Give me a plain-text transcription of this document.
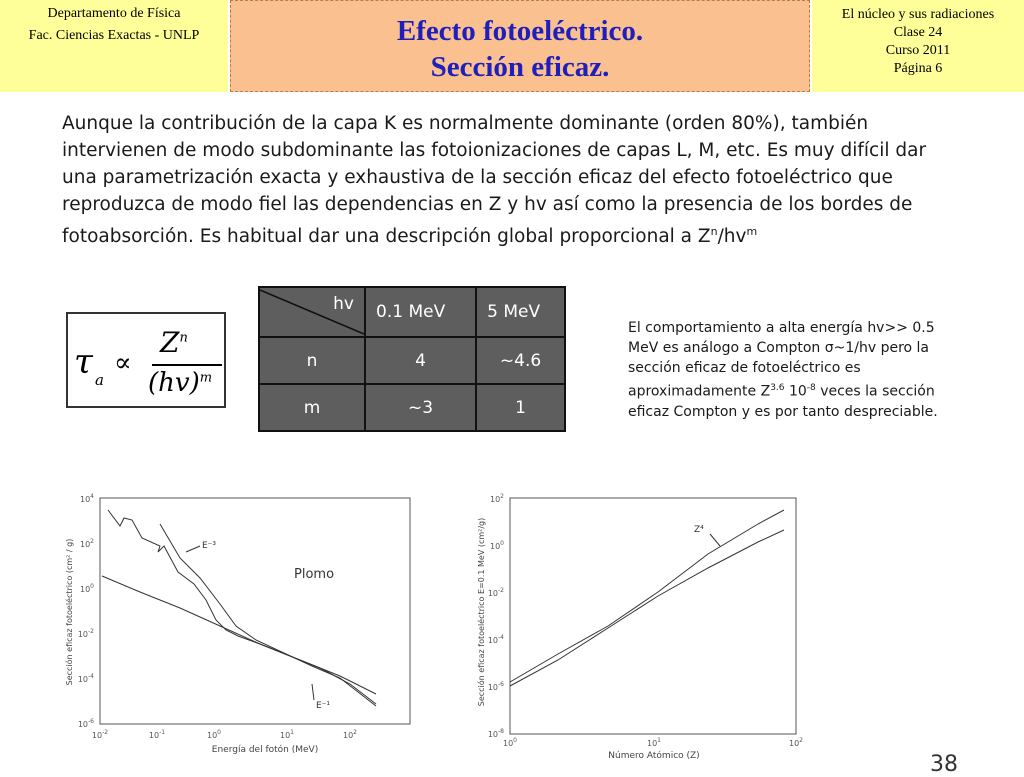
Departamento de Física
Fac. Ciencias Exactas - UNLP	Efecto fotoeléctrico.
Sección eficaz.
El núcleo y sus radiaciones
Clase 24
Curso 2011
Página 6
Aunque la contribución de la capa K es normalmente dominante (orden 80%), también intervienen de modo subdominante las fotoionizaciones de capas L, M, etc. Es muy difícil dar una parametrización exacta y exhaustiva de la sección eficaz del efecto fotoeléctrico que reproduzca de modo fiel las dependencias en Z y hv así como la presencia de los bordes de fotoabsorción. Es habitual dar una descripción global proporcional a $Z^n/hv^m$
τ a
∝
$Z^n$
(hv)$^m$
hv	0.1 MeV	5 MeV
n	4	~4.6
m	~3	1
El comportamiento a alta energía hv>> 0.5 MeV es análogo a Compton σ~1/hv pero la sección eficaz de fotoeléctrico es aproximadamente $Z^{3.6}$ $10^{-8}$ veces la sección eficaz Compton y es por tanto despreciable.
$10^4$
$10^2$
$10^0$
$10^{-2}$
$10^{-4}$
$10^{-6}$
$10^{-2}$	$10^{-1}$	$10^0$	$10^1$	$10^2$
Energía del fotón (MeV)
Sección eficaz fotoeléctrico (cm² / g)	E⁻³
E⁻¹
Plomo
$10^2$
$10^0$
$10^{-2}$
$10^{-4}$
$10^{-6}$
$10^{-8}$
$10^0$	$10^1$	$10^2$
Número Atómico (Z)
Sección eficaz fotoeléctrico E=0.1 MeV (cm²/g)	Z⁴
38
